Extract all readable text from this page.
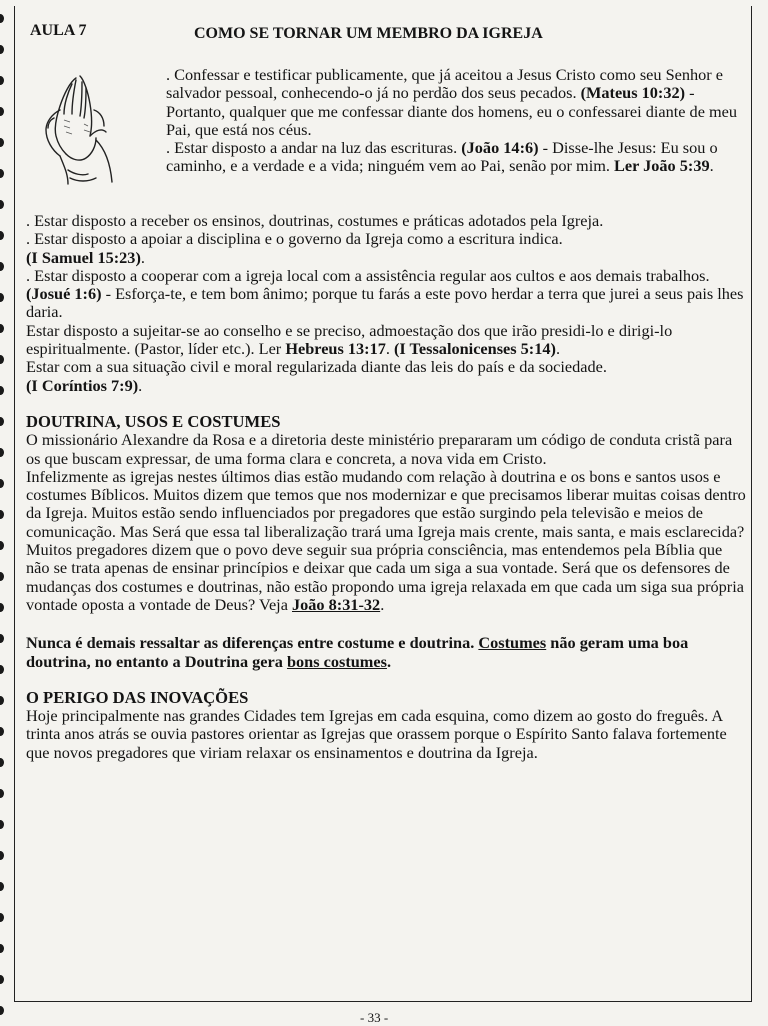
AULA 7	COMO SE TORNAR UM MEMBRO DA IGREJA

. Confessar e testificar publicamente, que já aceitou a Jesus Cristo como seu Senhor e salvador pessoal, conhecendo-o já no perdão dos seus pecados. (Mateus 10:32) - Portanto, qualquer que me confessar diante dos homens, eu o confessarei diante de meu Pai, que está nos céus.

. Estar disposto a andar na luz das escrituras. (João 14:6) - Disse-lhe Jesus: Eu sou o caminho, e a verdade e a vida; ninguém vem ao Pai, senão por mim. Ler João 5:39.

. Estar disposto a receber os ensinos, doutrinas, costumes e práticas adotados pela Igreja.

. Estar disposto a apoiar a disciplina e o governo da Igreja como a escritura indica.

(I Samuel 15:23).

. Estar disposto a cooperar com a igreja local com a assistência regular aos cultos e aos demais trabalhos. (Josué 1:6) - Esforça-te, e tem bom ânimo; porque tu farás a este povo herdar a terra que jurei a seus pais lhes daria.

Estar disposto a sujeitar-se ao conselho e se preciso, admoestação dos que irão presidi-lo e dirigi-lo espiritualmente. (Pastor, líder etc.). Ler Hebreus 13:17. (I Tessalonicenses 5:14).

Estar com a sua situação civil e moral regularizada diante das leis do país e da sociedade.

(I Coríntios 7:9).

DOUTRINA, USOS E COSTUMES

O missionário Alexandre da Rosa e a diretoria deste ministério prepararam um código de conduta cristã para os que buscam expressar, de uma forma clara e concreta, a nova vida em Cristo.

Infelizmente as igrejas nestes últimos dias estão mudando com relação à doutrina e os bons e santos usos e costumes Bíblicos. Muitos dizem que temos que nos modernizar e que precisamos liberar muitas coisas dentro da Igreja. Muitos estão sendo influenciados por pregadores que estão surgindo pela televisão e meios de comunicação. Mas Será que essa tal liberalização trará uma Igreja mais crente, mais santa, e mais esclarecida?

Muitos pregadores dizem que o povo deve seguir sua própria consciência, mas entendemos pela Bíblia que não se trata apenas de ensinar princípios e deixar que cada um siga a sua vontade. Será que os defensores de mudanças dos costumes e doutrinas, não estão propondo uma igreja relaxada em que cada um siga sua própria vontade oposta a vontade de Deus? Veja João 8:31-32.

Nunca é demais ressaltar as diferenças entre costume e doutrina. Costumes não geram uma boa doutrina, no entanto a Doutrina gera bons costumes.

O PERIGO DAS INOVAÇÕES

Hoje principalmente nas grandes Cidades tem Igrejas em cada esquina, como dizem ao gosto do freguês. A trinta anos atrás se ouvia pastores orientar as Igrejas que orassem porque o Espírito Santo falava fortemente que novos pregadores que viriam relaxar os ensinamentos e doutrina da Igreja.

- 33 -
